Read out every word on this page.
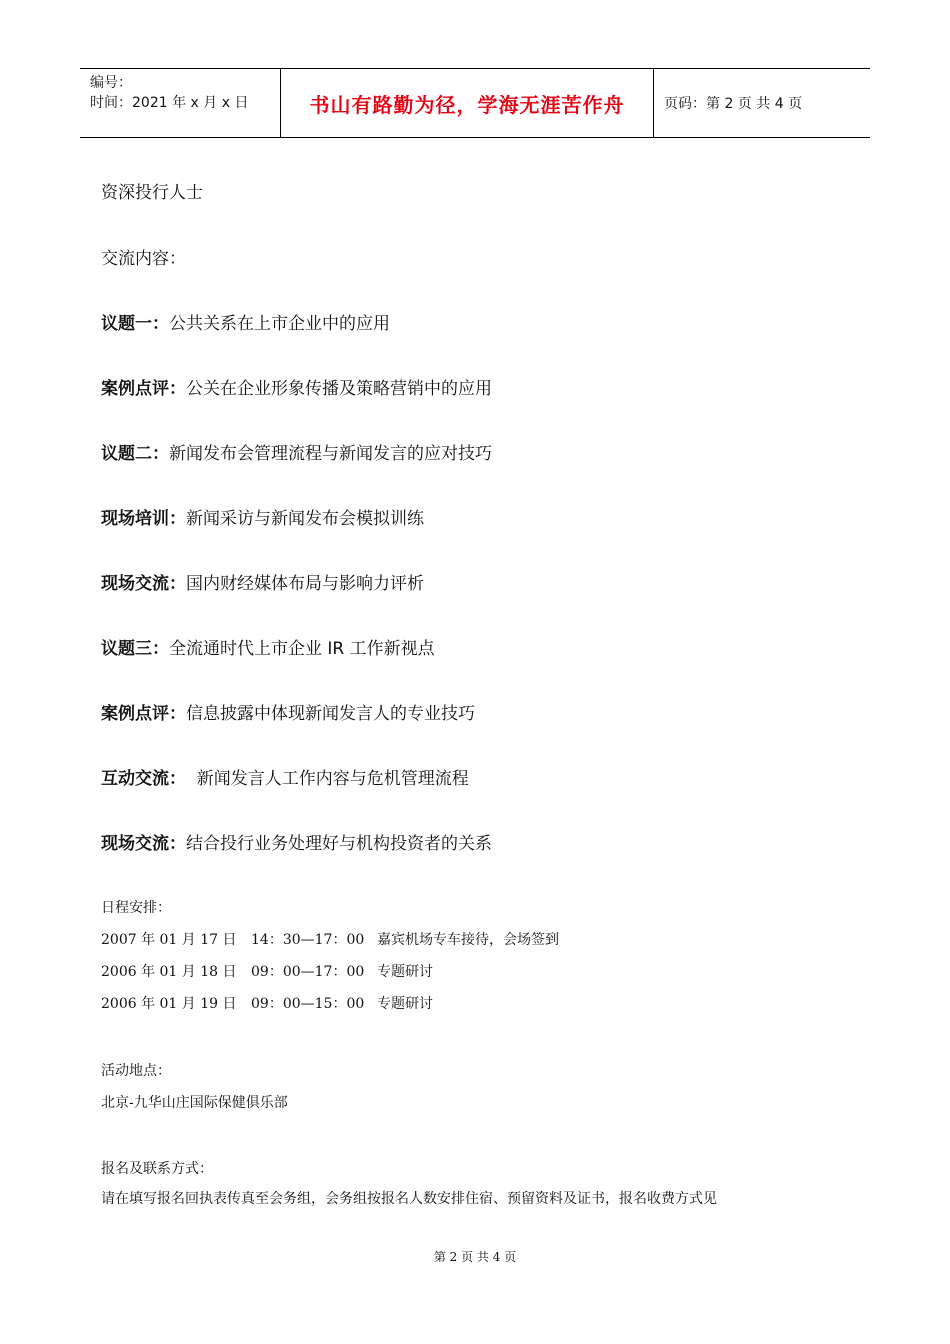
编号：
时间：2021 年 x 月 x 日	书山有路勤为径，学海无涯苦作舟	页码：第 2 页 共 4 页
资深投行人士
交流内容：
议题一：公共关系在上市企业中的应用
案例点评：公关在企业形象传播及策略营销中的应用
议题二：新闻发布会管理流程与新闻发言的应对技巧
现场培训：新闻采访与新闻发布会模拟训练
现场交流：国内财经媒体布局与影响力评析
议题三：全流通时代上市企业 IR 工作新视点
案例点评：信息披露中体现新闻发言人的专业技巧
互动交流：  新闻发言人工作内容与危机管理流程
现场交流：结合投行业务处理好与机构投资者的关系
日程安排：
2007 年 01 月 17 日 14：30—17：00 嘉宾机场专车接待，会场签到
2006 年 01 月 18 日 09：00—17：00 专题研讨
2006 年 01 月 19 日 09：00—15：00 专题研讨
活动地点：
北京-九华山庄国际保健俱乐部
报名及联系方式：
请在填写报名回执表传真至会务组，会务组按报名人数安排住宿、预留资料及证书，报名收费方式见
第 2 页 共 4 页
